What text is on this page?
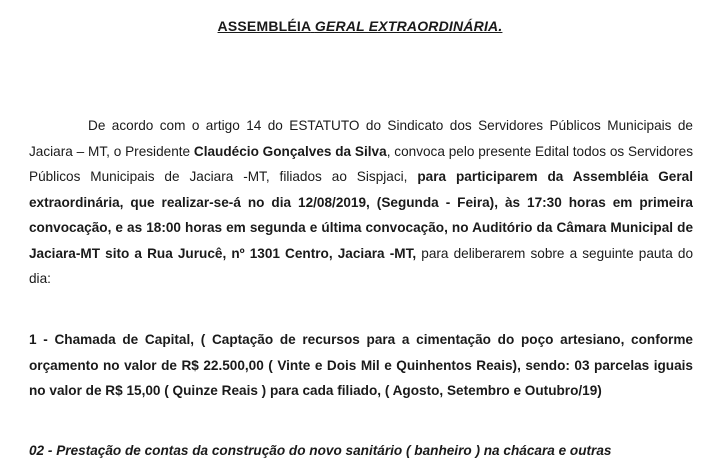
ASSEMBLÉIA GERAL EXTRAORDINÁRIA.
De acordo com o artigo 14 do ESTATUTO do Sindicato dos Servidores Públicos Municipais de Jaciara – MT, o Presidente Claudécio Gonçalves da Silva, convoca pelo presente Edital todos os Servidores Públicos Municipais de Jaciara -MT, filiados ao Sispjaci, para participarem da Assembléia Geral extraordinária, que realizar-se-á no dia 12/08/2019, (Segunda - Feira), às 17:30 horas em primeira convocação, e as 18:00 horas em segunda e última convocação, no Auditório da Câmara Municipal de Jaciara-MT sito a Rua Jurucê, nº 1301 Centro, Jaciara -MT, para deliberarem sobre a seguinte pauta do dia:
1 - Chamada de Capital, ( Captação de recursos para a cimentação do poço artesiano, conforme orçamento no valor de R$ 22.500,00 ( Vinte e Dois Mil e Quinhentos Reais), sendo: 03 parcelas iguais no valor de R$ 15,00 ( Quinze Reais ) para cada filiado, ( Agosto, Setembro e Outubro/19)
02 - Prestação de contas da construção do novo sanitário ( banheiro ) na chácara e outras
